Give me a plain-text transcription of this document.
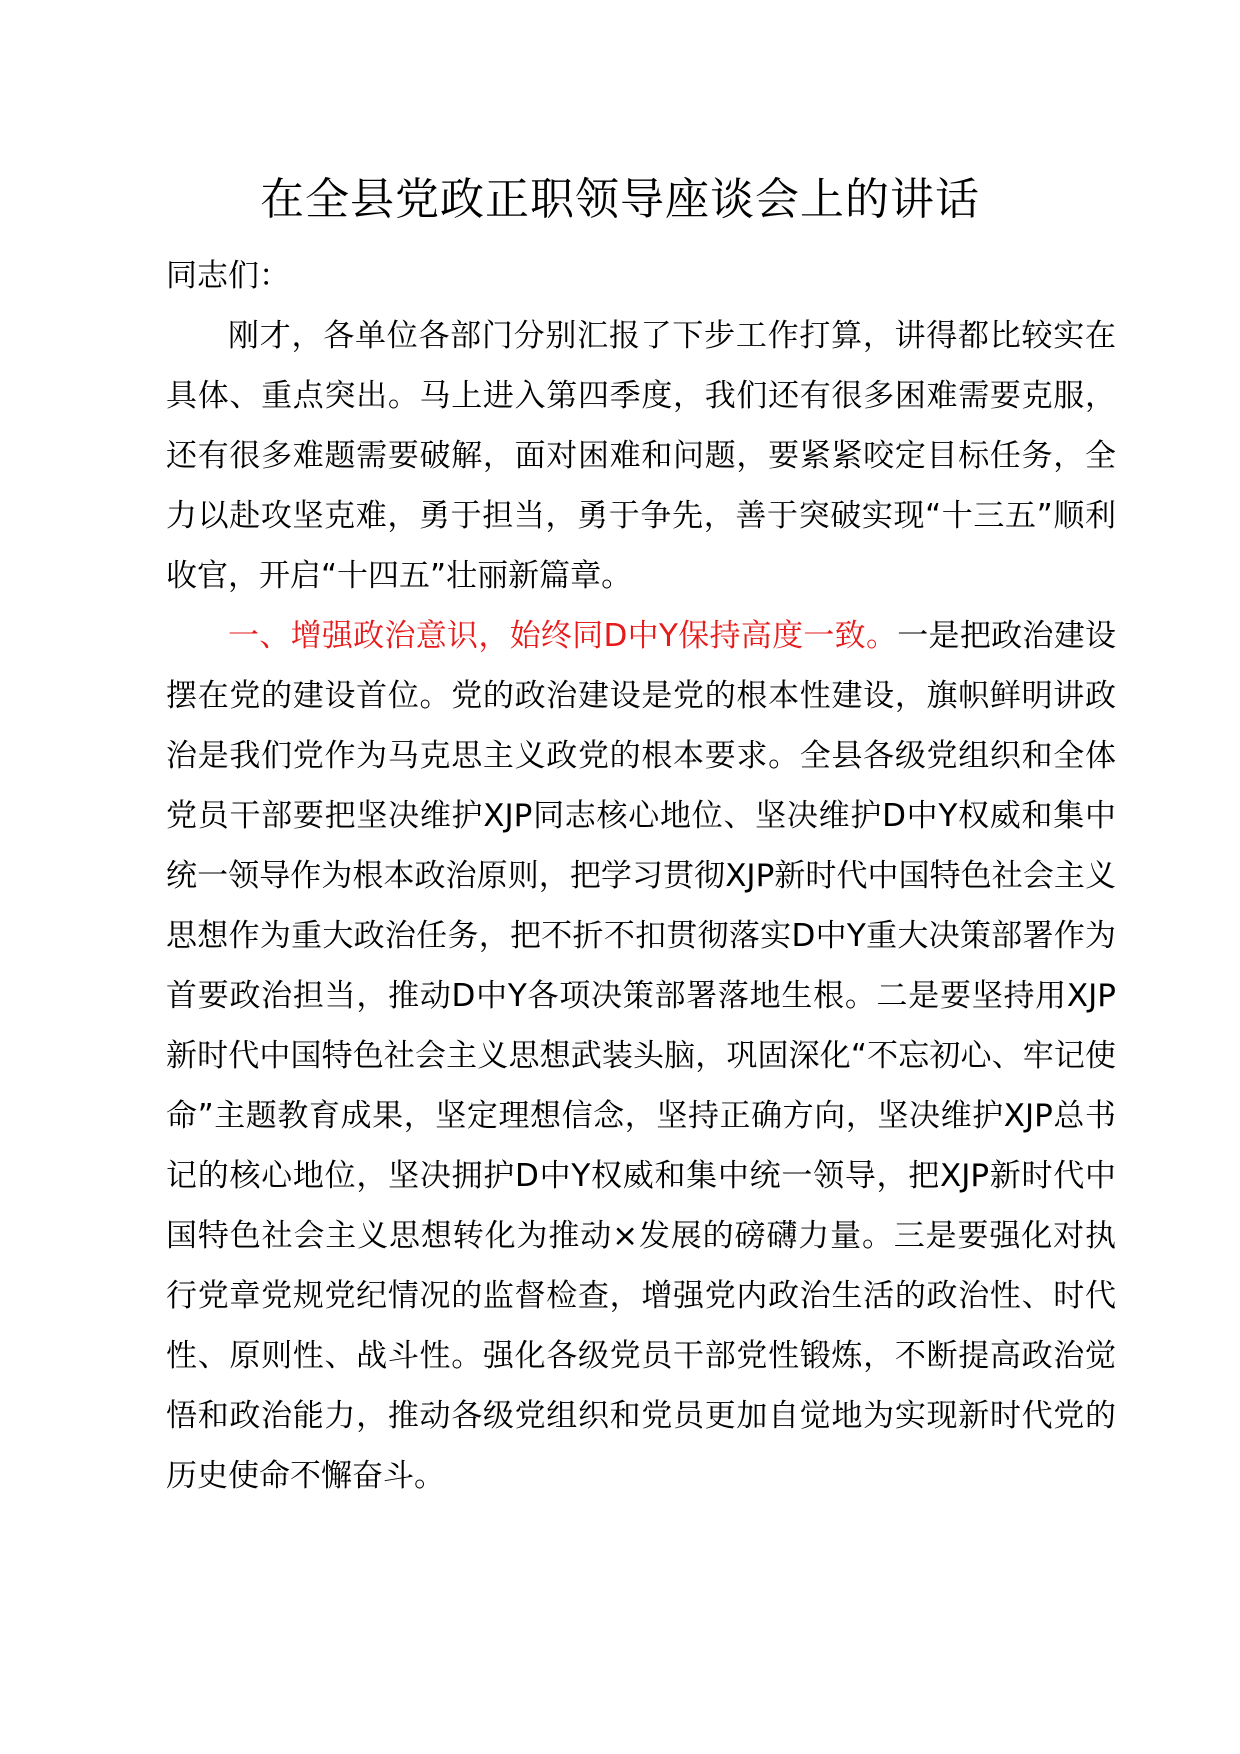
在全县党政正职领导座谈会上的讲话

同志们：

刚才，各单位各部门分别汇报了下步工作打算，讲得都比较实在具体、重点突出。马上进入第四季度，我们还有很多困难需要克服，还有很多难题需要破解，面对困难和问题，要紧紧咬定目标任务，全力以赴攻坚克难，勇于担当，勇于争先，善于突破实现“十三五”顺利收官，开启“十四五”壮丽新篇章。

一、增强政治意识，始终同D中Y保持高度一致。一是把政治建设摆在党的建设首位。党的政治建设是党的根本性建设，旗帜鲜明讲政治是我们党作为马克思主义政党的根本要求。全县各级党组织和全体党员干部要把坚决维护XJP同志核心地位、坚决维护D中Y权威和集中统一领导作为根本政治原则，把学习贯彻XJP新时代中国特色社会主义思想作为重大政治任务，把不折不扣贯彻落实D中Y重大决策部署作为首要政治担当，推动D中Y各项决策部署落地生根。二是要坚持用XJP新时代中国特色社会主义思想武装头脑，巩固深化“不忘初心、牢记使命”主题教育成果，坚定理想信念，坚持正确方向，坚决维护XJP总书记的核心地位，坚决拥护D中Y权威和集中统一领导，把XJP新时代中国特色社会主义思想转化为推动×发展的磅礴力量。三是要强化对执行党章党规党纪情况的监督检查，增强党内政治生活的政治性、时代性、原则性、战斗性。强化各级党员干部党性锻炼，不断提高政治觉悟和政治能力，推动各级党组织和党员更加自觉地为实现新时代党的历史使命不懈奋斗。
